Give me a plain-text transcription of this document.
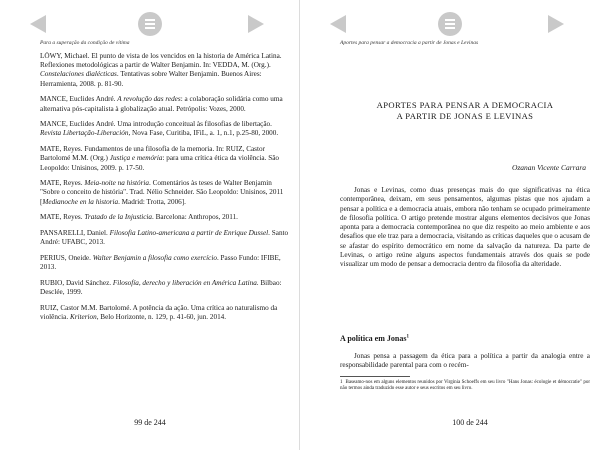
Para a superação da condição de vítima
LÖWY, Michael. El punto de vista de los vencidos en la historia de América Latina. Reflexiones metodológicas a partir de Walter Benjamin. In: VEDDA, M. (Org.). Constelaciones dialécticas. Tentativas sobre Walter Benjamin. Buenos Aires: Herramienta, 2008. p. 81-90.
MANCE, Euclides André. A revolução das redes: a colaboração solidária como uma alternativa pós-capitalista à globalização atual. Petrópolis: Vozes, 2000.
MANCE, Euclides André. Uma introdução conceitual às filosofias de libertação. Revista Libertação-Liberación, Nova Fase, Curitiba, IFiL, a. 1, n.1, p.25-80, 2000.
MATE, Reyes. Fundamentos de una filosofía de la memoria. In: RUIZ, Castor Bartolomé M.M. (Org.) Justiça e memória: para uma crítica ética da violência. São Leopoldo: Unisinos, 2009. p. 17-50.
MATE, Reyes. Meia-noite na história. Comentários às teses de Walter Benjamin "Sobre o conceito de história". Trad. Nélio Schneider. São Leopoldo: Unisinos, 2011 [Medianoche en la historia. Madrid: Trotta, 2006].
MATE, Reyes. Tratado de la Injusticia. Barcelona: Anthropos, 2011.
PANSARELLI, Daniel. Filosofia Latino-americana a partir de Enrique Dussel. Santo André: UFABC, 2013.
PERIUS, Oneide. Walter Benjamin a filosofia como exercício. Passo Fundo: IFIBE, 2013.
RUBIO, David Sánchez. Filosofía, derecho y liberación en América Latina. Bilbao: Desclée, 1999.
RUIZ, Castor M.M. Bartolomé. A potência da ação. Uma crítica ao naturalismo da violência. Kriterion, Belo Horizonte, n. 129, p. 41-60, jun. 2014.
99 de 244
Aportes para pensar a democracia a partir de Jonas e Levinas
APORTES PARA PENSAR A DEMOCRACIA
A PARTIR DE JONAS E LEVINAS
Ozanan Vicente Carrara

Jonas e Levinas, como duas presenças mais do que significativas na ética contemporânea, deixam, em seus pensamentos, algumas pistas que nos ajudam a pensar a política e a democracia atuais, embora não tenham se ocupado primeiramente de filosofia política. O artigo pretende mostrar alguns elementos decisivos que Jonas aponta para a democracia contemporânea no que diz respeito ao meio ambiente e aos desafios que ele traz para a democracia, visitando as críticas daqueles que o acusam de se afastar do espírito democrático em nome da salvação da natureza. Da parte de Levinas, o artigo reúne alguns aspectos fundamentais através dos quais se pode visualizar um modo de pensar a democracia dentro da filosofia da alteridade.

A política em Jonas$^1$

Jonas pensa a passagem da ética para a política a partir da analogia entre a responsabilidade parental para com o recém-

1 Baseamo-nos em alguns elementos reunidos por Virginia Schoeffs em seu livro "Hans Jonas: écologie et démocratie" por não termos ainda traduzido esse autor e seus escritos em seu livro.

100 de 244
